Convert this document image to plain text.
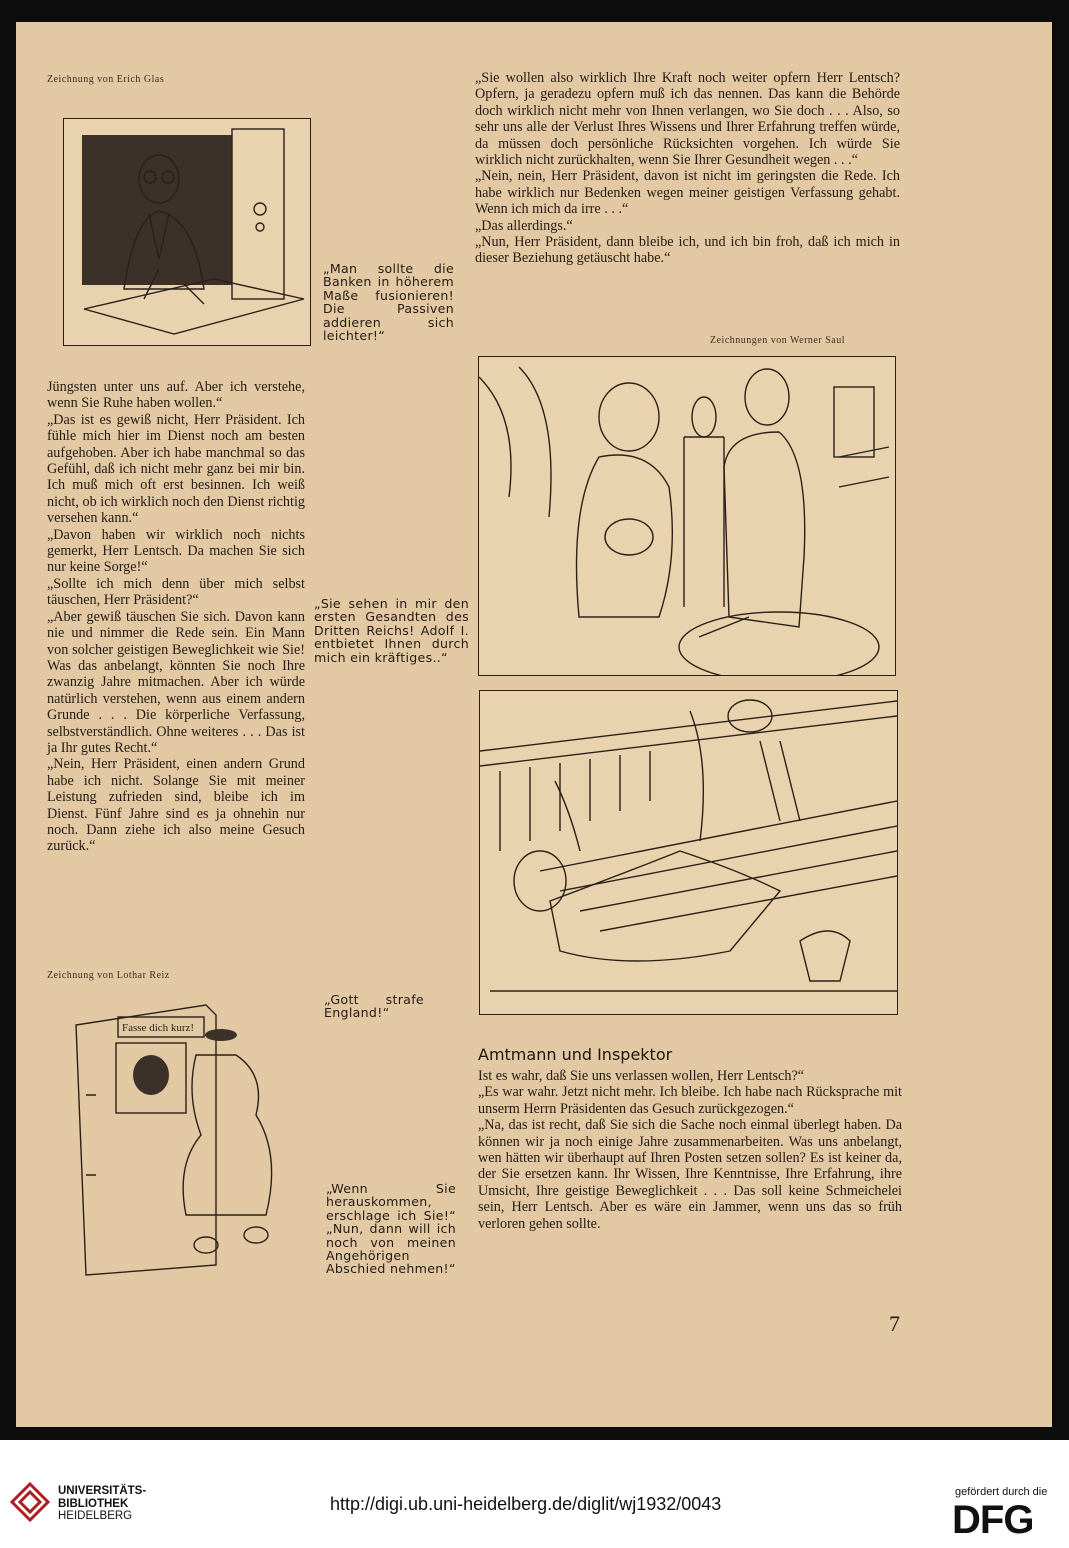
Zeichnung von Erich Glas
„Man sollte die Banken in höherem Maße fusionieren! Die Passiven addieren sich leichter!“

„Sie wollen also wirklich Ihre Kraft noch weiter opfern Herr Lentsch? Opfern, ja geradezu opfern muß ich das nennen. Das kann die Behörde doch wirklich nicht mehr von Ihnen verlangen, wo Sie doch . . . Also, so sehr uns alle der Verlust Ihres Wissens und Ihrer Erfahrung treffen würde, da müssen doch persönliche Rücksichten vorgehen. Ich würde Sie wirklich nicht zurückhalten, wenn Sie Ihrer Gesundheit wegen . . .“

„Nein, nein, Herr Präsident, davon ist nicht im geringsten die Rede. Ich habe wirklich nur Bedenken wegen meiner geistigen Verfassung gehabt. Wenn ich mich da irre . . .“

„Das allerdings.“

„Nun, Herr Präsident, dann bleibe ich, und ich bin froh, daß ich mich in dieser Beziehung getäuscht habe.“

Zeichnungen von Werner Saul

Jüngsten unter uns auf. Aber ich verstehe, wenn Sie Ruhe haben wollen.“

„Das ist es gewiß nicht, Herr Präsident. Ich fühle mich hier im Dienst noch am besten aufgehoben. Aber ich habe manchmal so das Gefühl, daß ich nicht mehr ganz bei mir bin. Ich muß mich oft erst besinnen. Ich weiß nicht, ob ich wirklich noch den Dienst richtig versehen kann.“

„Davon haben wir wirklich noch nichts gemerkt, Herr Lentsch. Da machen Sie sich nur keine Sorge!“

„Sollte ich mich denn über mich selbst täuschen, Herr Präsident?“

„Aber gewiß täuschen Sie sich. Davon kann nie und nimmer die Rede sein. Ein Mann von solcher geistigen Beweglichkeit wie Sie! Was das anbelangt, könnten Sie noch Ihre zwanzig Jahre mitmachen. Aber ich würde natürlich verstehen, wenn aus einem andern Grunde . . . Die körperliche Verfassung, selbstverständlich. Ohne weiteres . . . Das ist ja Ihr gutes Recht.“

„Nein, Herr Präsident, einen andern Grund habe ich nicht. Solange Sie mit meiner Leistung zufrieden sind, bleibe ich im Dienst. Fünf Jahre sind es ja ohnehin nur noch. Dann ziehe ich also meine Gesuch zurück.“

„Sie sehen in mir den ersten Gesandten des Dritten Reichs! Adolf I. entbietet Ihnen durch mich ein kräftiges..“
Zeichnung von Lothar Reiz
„Gott strafe England!“
Fasse dich kurz!
Amtmann und Inspektor

Ist es wahr, daß Sie uns verlassen wollen, Herr Lentsch?“

„Es war wahr. Jetzt nicht mehr. Ich bleibe. Ich habe nach Rücksprache mit unserm Herrn Präsidenten das Gesuch zurückgezogen.“

„Na, das ist recht, daß Sie sich die Sache noch einmal überlegt haben. Da können wir ja noch einige Jahre zusammenarbeiten. Was uns anbelangt, wen hätten wir überhaupt auf Ihren Posten setzen sollen? Es ist keiner da, der Sie ersetzen kann. Ihr Wissen, Ihre Kenntnisse, Ihre Erfahrung, ihre Umsicht, Ihre geistige Beweglichkeit . . . Das soll keine Schmeichelei sein, Herr Lentsch. Aber es wäre ein Jammer, wenn uns das so früh verloren gehen sollte.

„Wenn Sie herauskommen, erschlage ich Sie!“ „Nun, dann will ich noch von meinen Angehörigen Abschied nehmen!“
7
UNIVERSITÄTS-
BIBLIOTHEK
HEIDELBERG
http://digi.ub.uni-heidelberg.de/diglit/wj1932/0043
gefördert durch die
DFG
